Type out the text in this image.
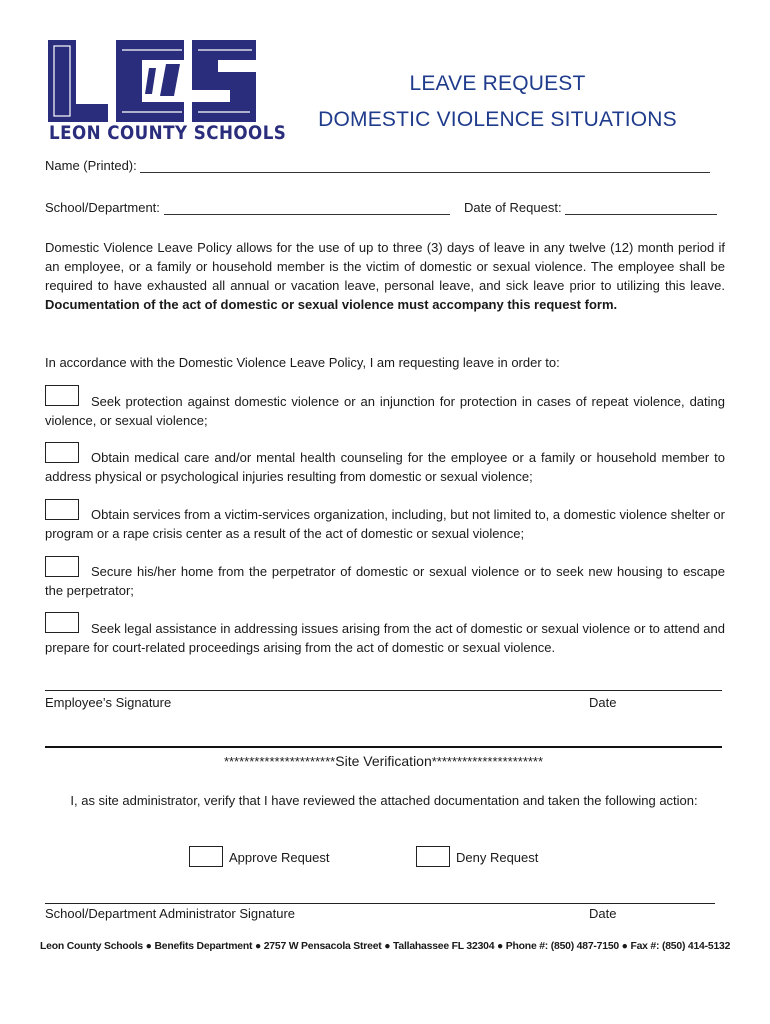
LEON COUNTY SCHOOLS
LEAVE REQUEST
DOMESTIC VIOLENCE SITUATIONS
Name (Printed):
School/Department:	Date of Request:
Domestic Violence Leave Policy allows for the use of up to three (3) days of leave in any twelve (12) month period if an employee, or a family or household member is the victim of domestic or sexual violence. The employee shall be required to have exhausted all annual or vacation leave, personal leave, and sick leave prior to utilizing this leave. Documentation of the act of domestic or sexual violence must accompany this request form.
In accordance with the Domestic Violence Leave Policy, I am requesting leave in order to:
Seek protection against domestic violence or an injunction for protection in cases of repeat violence, dating violence, or sexual violence;
Obtain medical care and/or mental health counseling for the employee or a family or household member to address physical or psychological injuries resulting from domestic or sexual violence;
Obtain services from a victim-services organization, including, but not limited to, a domestic violence shelter or program or a rape crisis center as a result of the act of domestic or sexual violence;
Secure his/her home from the perpetrator of domestic or sexual violence or to seek new housing to escape the perpetrator;
Seek legal assistance in addressing issues arising from the act of domestic or sexual violence or to attend and prepare for court-related proceedings arising from the act of domestic or sexual violence.
Employee’s Signature	Date
**********************Site Verification**********************
I, as site administrator, verify that I have reviewed the attached documentation and taken the following action:
Approve Request	Deny Request
School/Department Administrator Signature	Date
Leon County Schools ● Benefits Department ● 2757 W Pensacola Street ● Tallahassee FL 32304 ● Phone #: (850) 487-7150 ● Fax #: (850) 414-5132
